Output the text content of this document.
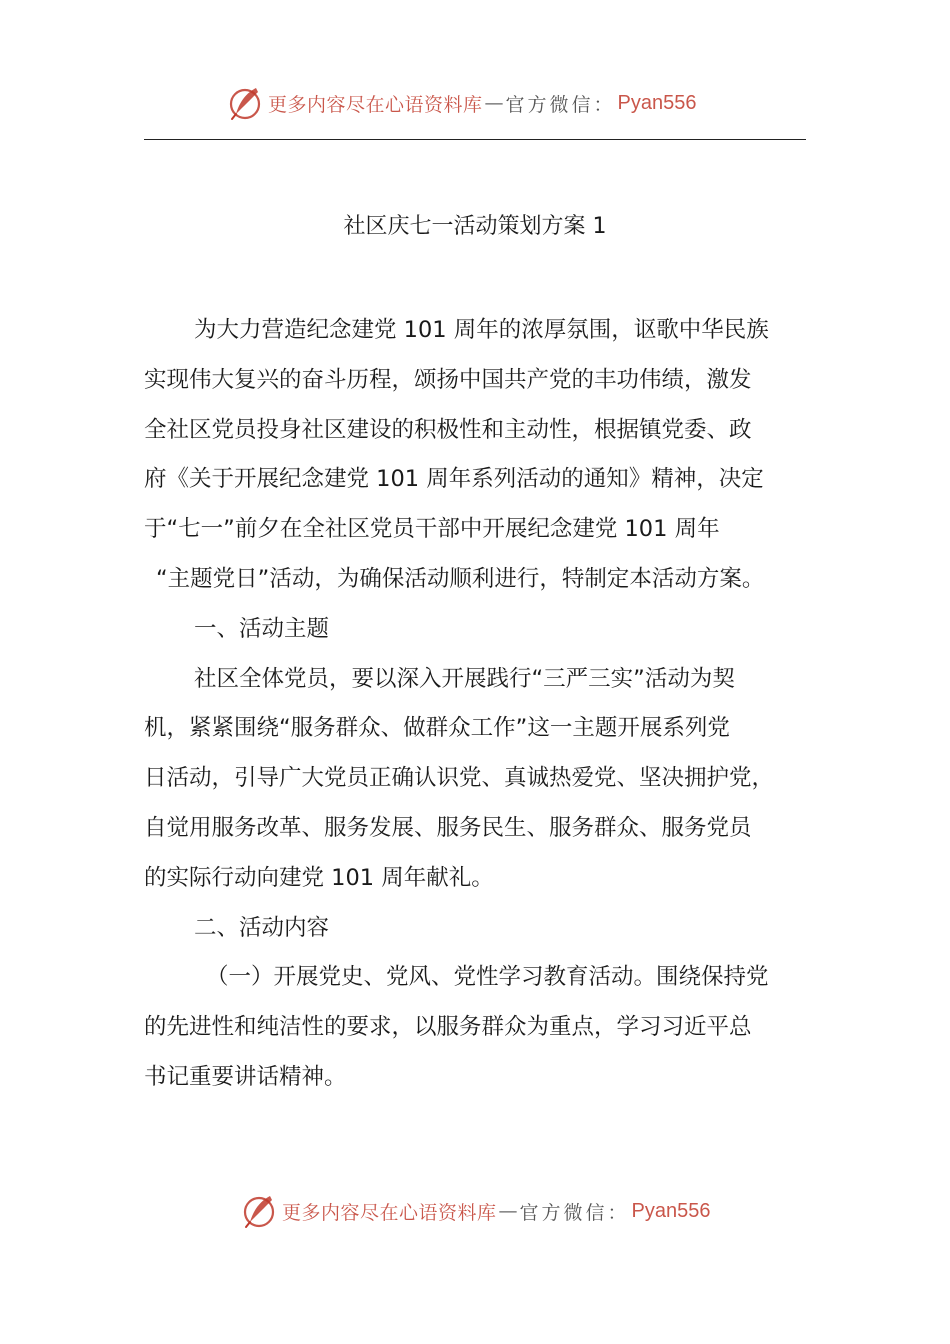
更多内容尽在心语资料库 — 官方微信： Pyan556
社区庆七一活动策划方案 1
为大力营造纪念建党 101 周年的浓厚氛围，讴歌中华民族
实现伟大复兴的奋斗历程，颂扬中国共产党的丰功伟绩，激发
全社区党员投身社区建设的积极性和主动性，根据镇党委、政
府《关于开展纪念建党 101 周年系列活动的通知》精神，决定
于“七一”前夕在全社区党员干部中开展纪念建党 101 周年
“主题党日”活动，为确保活动顺利进行，特制定本活动方案。
一、活动主题
社区全体党员，要以深入开展践行“三严三实”活动为契
机，紧紧围绕“服务群众、做群众工作”这一主题开展系列党
日活动，引导广大党员正确认识党、真诚热爱党、坚决拥护党，
自觉用服务改革、服务发展、服务民生、服务群众、服务党员
的实际行动向建党 101 周年献礼。
二、活动内容
（一）开展党史、党风、党性学习教育活动。围绕保持党
的先进性和纯洁性的要求，以服务群众为重点，学习习近平总
书记重要讲话精神。
更多内容尽在心语资料库 — 官方微信： Pyan556
